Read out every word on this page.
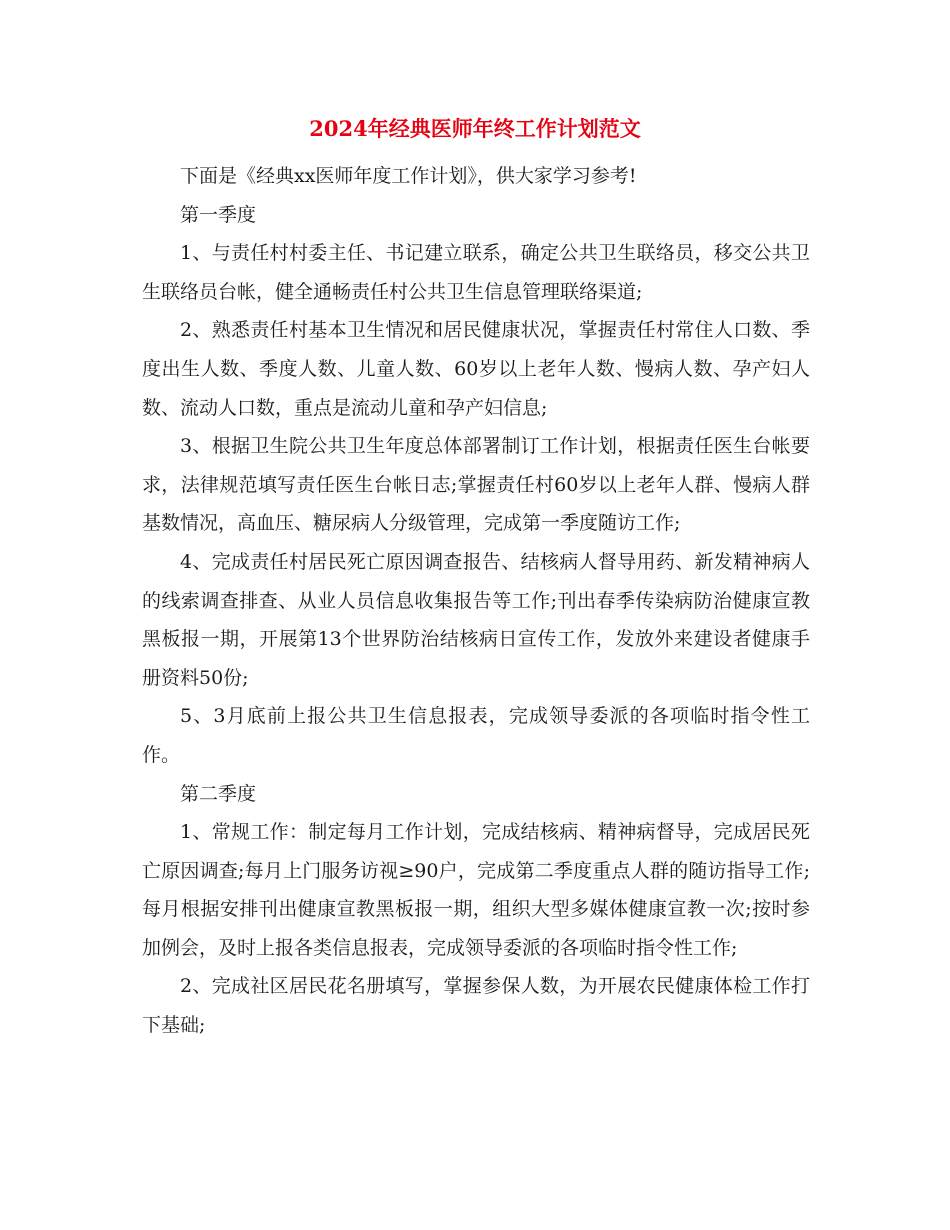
2024年经典医师年终工作计划范文

下面是《经典xx医师年度工作计划》，供大家学习参考!

第一季度

1、与责任村村委主任、书记建立联系，确定公共卫生联络员，移交公共卫生联络员台帐，健全通畅责任村公共卫生信息管理联络渠道;

2、熟悉责任村基本卫生情况和居民健康状况，掌握责任村常住人口数、季度出生人数、季度人数、儿童人数、60岁以上老年人数、慢病人数、孕产妇人数、流动人口数，重点是流动儿童和孕产妇信息;

3、根据卫生院公共卫生年度总体部署制订工作计划，根据责任医生台帐要求，法律规范填写责任医生台帐日志;掌握责任村60岁以上老年人群、慢病人群基数情况，高血压、糖尿病人分级管理，完成第一季度随访工作;

4、完成责任村居民死亡原因调查报告、结核病人督导用药、新发精神病人的线索调查排查、从业人员信息收集报告等工作;刊出春季传染病防治健康宣教黑板报一期，开展第13个世界防治结核病日宣传工作，发放外来建设者健康手册资料50份;

5、3月底前上报公共卫生信息报表，完成领导委派的各项临时指令性工作。

第二季度

1、常规工作：制定每月工作计划，完成结核病、精神病督导，完成居民死亡原因调查;每月上门服务访视≥90户，完成第二季度重点人群的随访指导工作;每月根据安排刊出健康宣教黑板报一期，组织大型多媒体健康宣教一次;按时参加例会，及时上报各类信息报表，完成领导委派的各项临时指令性工作;

2、完成社区居民花名册填写，掌握参保人数，为开展农民健康体检工作打下基础;
